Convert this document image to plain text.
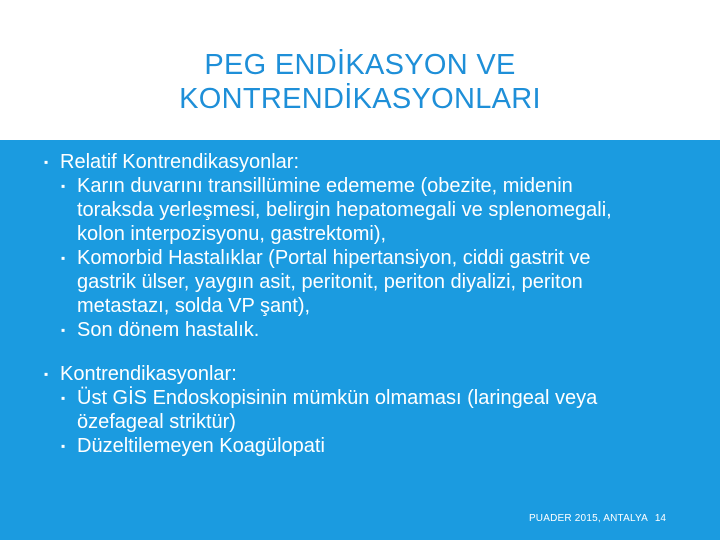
PEG ENDİKASYON VE
KONTRENDİKASYONLARI
▪ Relatif Kontrendikasyonlar:
▪ Karın duvarını transillümine edememe (obezite, midenin toraksda yerleşmesi, belirgin hepatomegali ve splenomegali, kolon interpozisyonu, gastrektomi),
▪ Komorbid Hastalıklar (Portal hipertansiyon, ciddi gastrit ve gastrik ülser, yaygın asit, peritonit, periton diyalizi, periton metastazı, solda VP şant),
▪ Son dönem hastalık.
▪ Kontrendikasyonlar:
▪ Üst GİS Endoskopisinin mümkün olmaması (laringeal veya özefageal striktür)
▪ Düzeltilemeyen Koagülopati
PUADER 2015, ANTALYA 14
